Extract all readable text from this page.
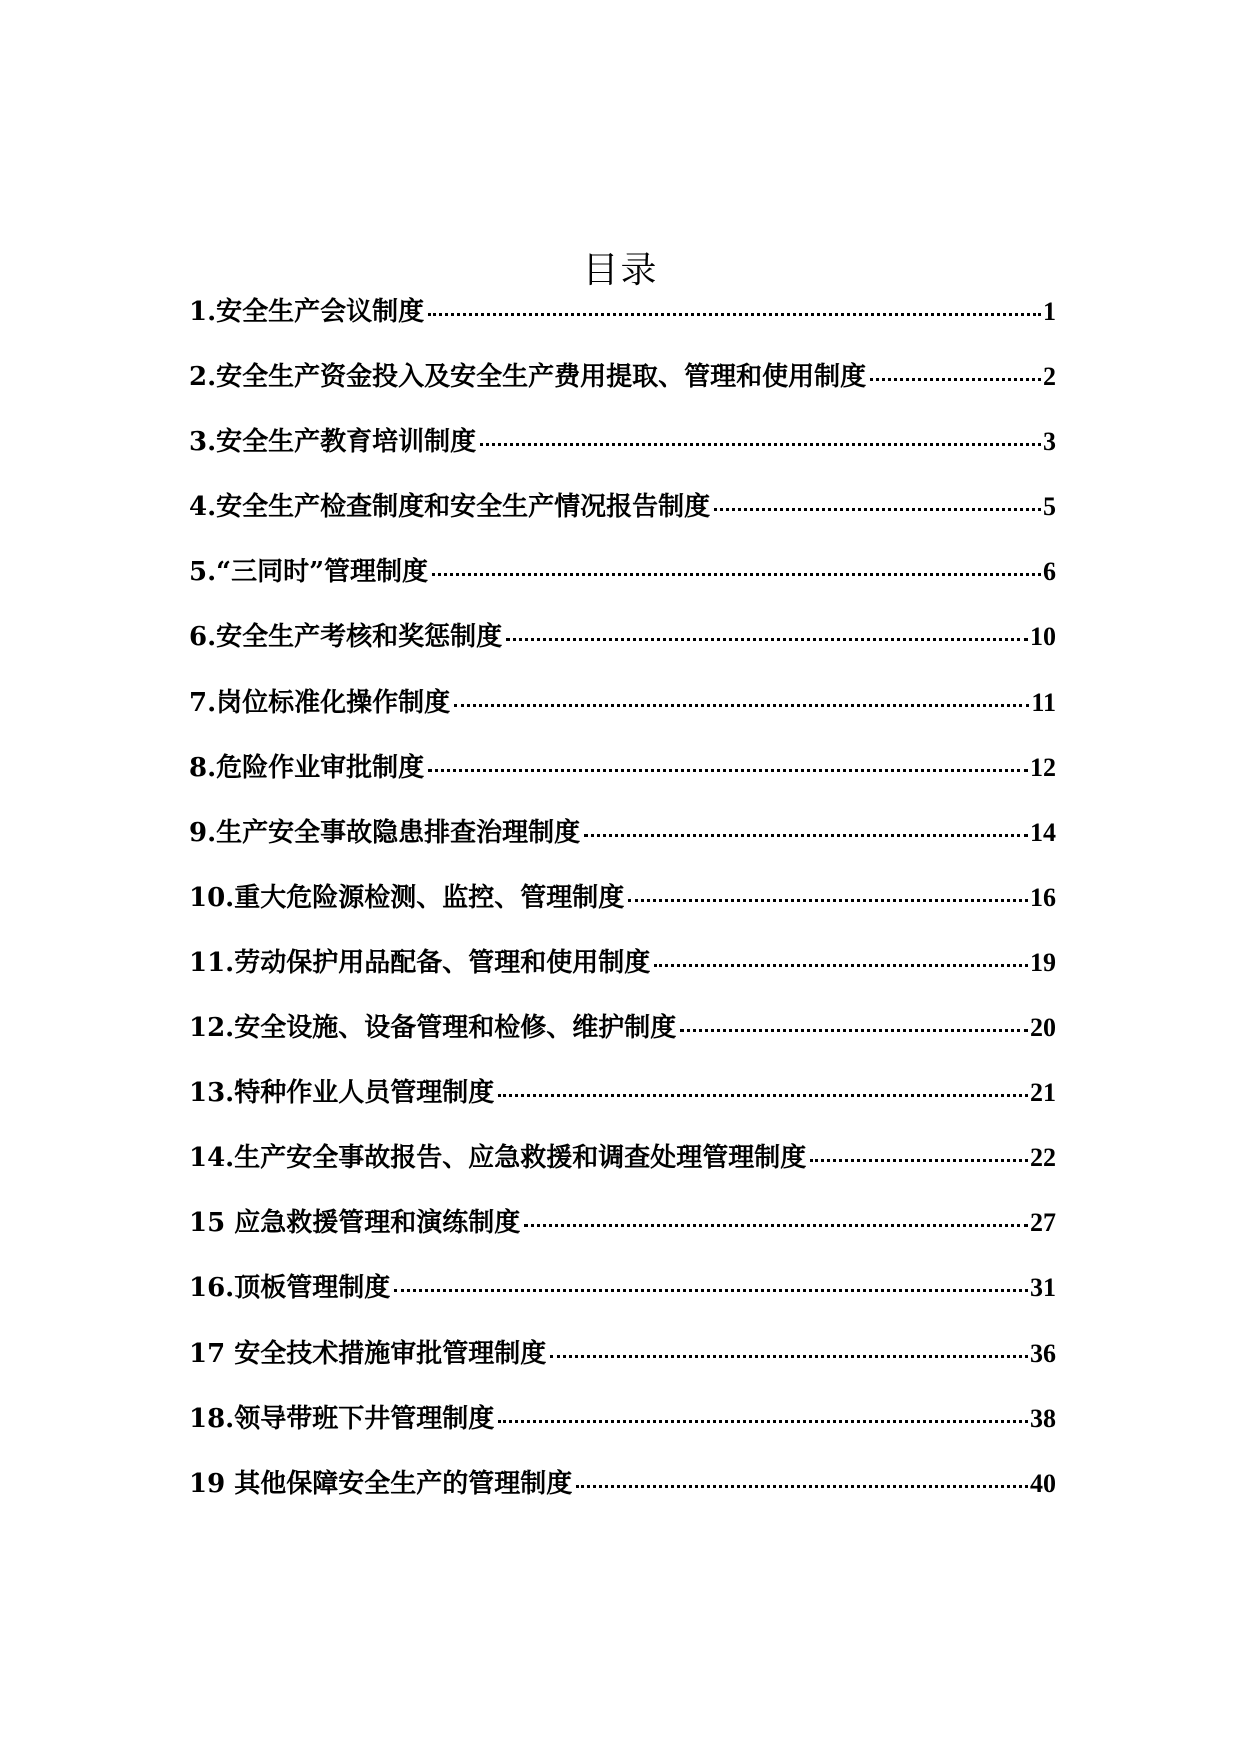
目录
1.安全生产会议制度	1
2.安全生产资金投入及安全生产费用提取、管理和使用制度	2
3.安全生产教育培训制度	3
4.安全生产检查制度和安全生产情况报告制度	5
5.“三同时”管理制度	6
6.安全生产考核和奖惩制度	10
7.岗位标准化操作制度	11
8.危险作业审批制度	12
9.生产安全事故隐患排查治理制度	14
10.重大危险源检测、监控、管理制度	16
11.劳动保护用品配备、管理和使用制度	19
12.安全设施、设备管理和检修、维护制度	20
13.特种作业人员管理制度	21
14.生产安全事故报告、应急救援和调查处理管理制度	22
15 应急救援管理和演练制度	27
16.顶板管理制度	31
17 安全技术措施审批管理制度	36
18.领导带班下井管理制度	38
19 其他保障安全生产的管理制度	40
